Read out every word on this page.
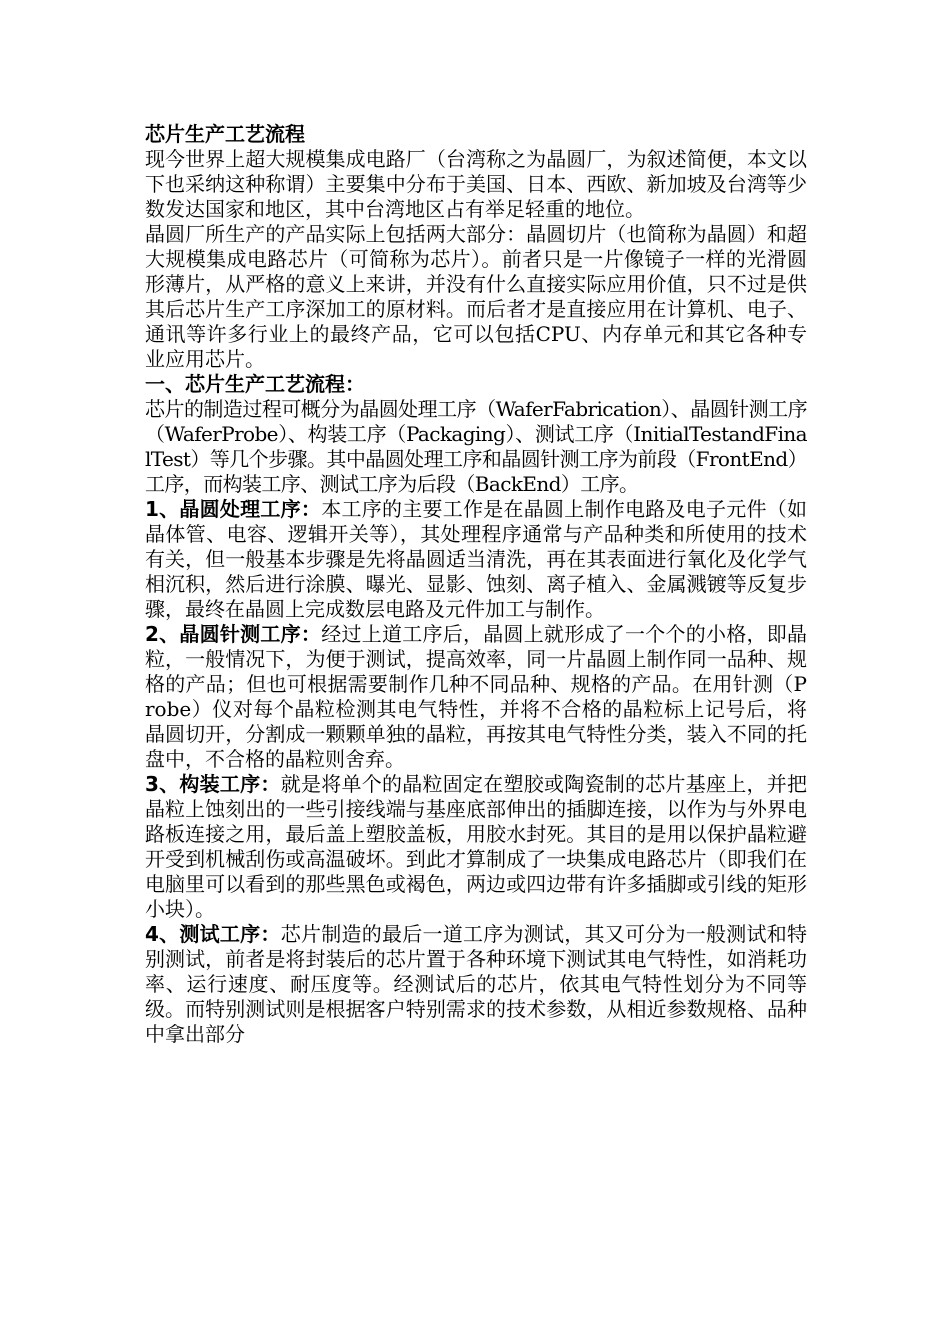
芯片生产工艺流程

现今世界上超大规模集成电路厂（台湾称之为晶圆厂，为叙述简便，本文以下也采纳这种称谓）主要集中分布于美国、日本、西欧、新加坡及台湾等少数发达国家和地区，其中台湾地区占有举足轻重的地位。

晶圆厂所生产的产品实际上包括两大部分：晶圆切片（也简称为晶圆）和超大规模集成电路芯片（可简称为芯片）。前者只是一片像镜子一样的光滑圆形薄片，从严格的意义上来讲，并没有什么直接实际应用价值，只不过是供其后芯片生产工序深加工的原材料。而后者才是直接应用在计算机、电子、通讯等许多行业上的最终产品，它可以包括CPU、内存单元和其它各种专业应用芯片。

一、芯片生产工艺流程：

芯片的制造过程可概分为晶圆处理工序（WaferFabrication）、晶圆针测工序（WaferProbe）、构装工序（Packaging）、测试工序（InitialTestandFinalTest）等几个步骤。其中晶圆处理工序和晶圆针测工序为前段（FrontEnd）工序，而构装工序、测试工序为后段（BackEnd）工序。

1、晶圆处理工序：本工序的主要工作是在晶圆上制作电路及电子元件（如晶体管、电容、逻辑开关等），其处理程序通常与产品种类和所使用的技术有关，但一般基本步骤是先将晶圆适当清洗，再在其表面进行氧化及化学气相沉积，然后进行涂膜、曝光、显影、蚀刻、离子植入、金属溅镀等反复步骤，最终在晶圆上完成数层电路及元件加工与制作。

2、晶圆针测工序：经过上道工序后，晶圆上就形成了一个个的小格，即晶粒，一般情况下，为便于测试，提高效率，同一片晶圆上制作同一品种、规格的产品；但也可根据需要制作几种不同品种、规格的产品。在用针测（Probe）仪对每个晶粒检测其电气特性，并将不合格的晶粒标上记号后，将晶圆切开，分割成一颗颗单独的晶粒，再按其电气特性分类，装入不同的托盘中，不合格的晶粒则舍弃。

3、构装工序：就是将单个的晶粒固定在塑胶或陶瓷制的芯片基座上，并把晶粒上蚀刻出的一些引接线端与基座底部伸出的插脚连接，以作为与外界电路板连接之用，最后盖上塑胶盖板，用胶水封死。其目的是用以保护晶粒避开受到机械刮伤或高温破坏。到此才算制成了一块集成电路芯片（即我们在电脑里可以看到的那些黑色或褐色，两边或四边带有许多插脚或引线的矩形小块）。

4、测试工序：芯片制造的最后一道工序为测试，其又可分为一般测试和特别测试，前者是将封装后的芯片置于各种环境下测试其电气特性，如消耗功率、运行速度、耐压度等。经测试后的芯片，依其电气特性划分为不同等级。而特别测试则是根据客户特别需求的技术参数，从相近参数规格、品种中拿出部分
